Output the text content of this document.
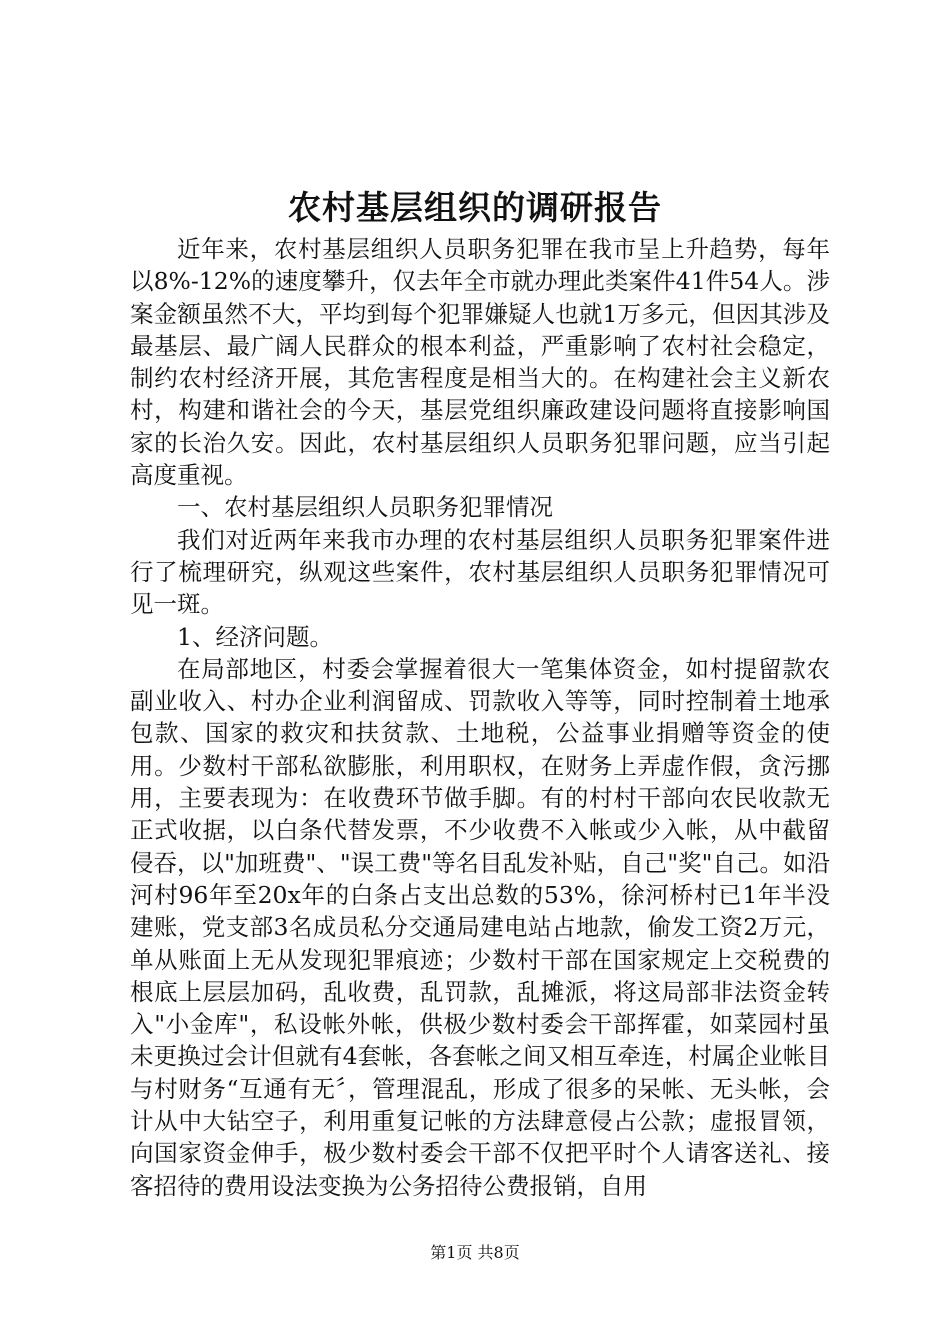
农村基层组织的调研报告

近年来，农村基层组织人员职务犯罪在我市呈上升趋势，每年以8%-12%的速度攀升，仅去年全市就办理此类案件41件54人。涉案金额虽然不大，平均到每个犯罪嫌疑人也就1万多元，但因其涉及最基层、最广阔人民群众的根本利益，严重影响了农村社会稳定，制约农村经济开展，其危害程度是相当大的。在构建社会主义新农村，构建和谐社会的今天，基层党组织廉政建设问题将直接影响国家的长治久安。因此，农村基层组织人员职务犯罪问题，应当引起高度重视。

一、农村基层组织人员职务犯罪情况

我们对近两年来我市办理的农村基层组织人员职务犯罪案件进行了梳理研究，纵观这些案件，农村基层组织人员职务犯罪情况可见一斑。

1、经济问题。

在局部地区，村委会掌握着很大一笔集体资金，如村提留款农副业收入、村办企业利润留成、罚款收入等等，同时控制着土地承包款、国家的救灾和扶贫款、土地税，公益事业捐赠等资金的使用。少数村干部私欲膨胀，利用职权，在财务上弄虚作假，贪污挪用，主要表现为：在收费环节做手脚。有的村村干部向农民收款无正式收据，以白条代替发票，不少收费不入帐或少入帐，从中截留侵吞，以"加班费"、"误工费"等名目乱发补贴，自己"奖"自己。如沿河村96年至20x年的白条占支出总数的53%，徐河桥村已1年半没建账，党支部3名成员私分交通局建电站占地款，偷发工资2万元，单从账面上无从发现犯罪痕迹；少数村干部在国家规定上交税费的根底上层层加码，乱收费，乱罚款，乱摊派，将这局部非法资金转入"小金库"，私设帐外帐，供极少数村委会干部挥霍，如菜园村虽未更换过会计但就有4套帐，各套帐之间又相互牵连，村属企业帐目与村财务“互通有无〞，管理混乱，形成了很多的呆帐、无头帐，会计从中大钻空子，利用重复记帐的方法肆意侵占公款；虚报冒领，向国家资金伸手，极少数村委会干部不仅把平时个人请客送礼、接客招待的费用设法变换为公务招待公费报销，自用

第1页 共8页
